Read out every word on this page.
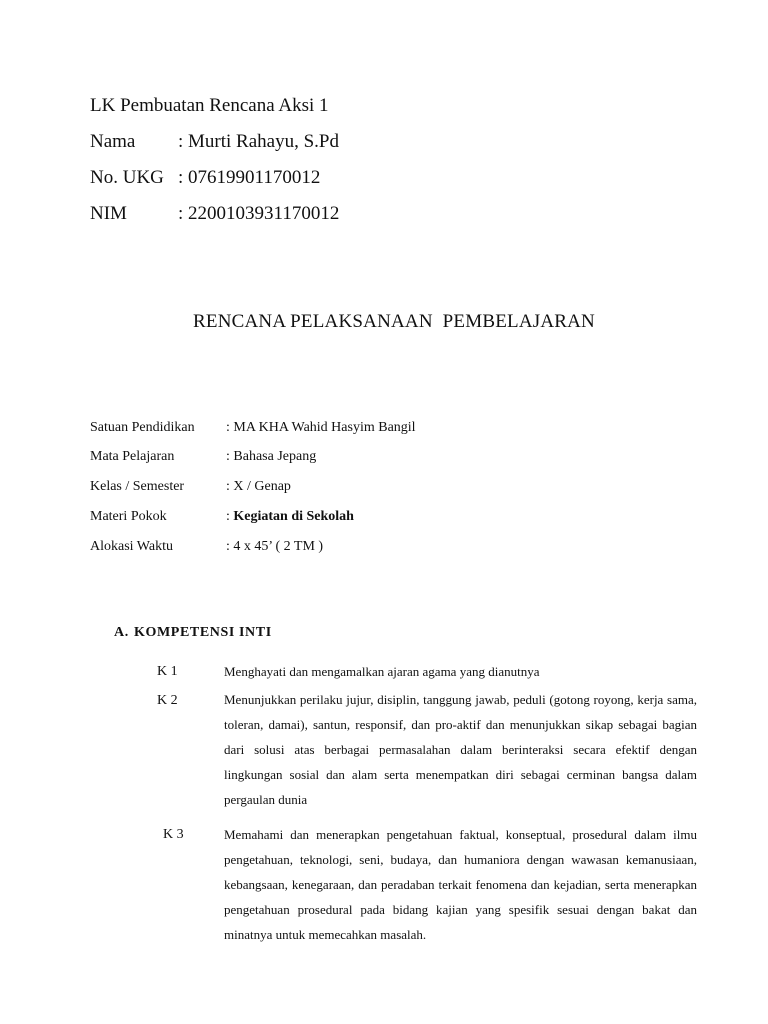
LK Pembuatan Rencana Aksi 1
Nama : Murti Rahayu, S.Pd
No. UKG : 07619901170012
NIM	: 2200103931170012
RENCANA PELAKSANAAN  PEMBELAJARAN
Satuan Pendidikan : MA KHA Wahid Hasyim Bangil
Mata Pelajaran	: Bahasa Jepang
Kelas / Semester	: X / Genap
Materi Pokok	: Kegiatan di Sekolah
Alokasi Waktu	: 4 x 45’ ( 2 TM )
A. KOMPETENSI INTI
K 1	Menghayati dan mengamalkan ajaran agama yang dianutnya
K 2	Menunjukkan perilaku jujur, disiplin, tanggung jawab, peduli (gotong royong, kerja sama, toleran, damai), santun, responsif, dan pro-aktif dan menunjukkan sikap sebagai bagian dari solusi atas berbagai permasalahan dalam berinteraksi secara efektif dengan lingkungan sosial dan alam serta menempatkan diri sebagai cerminan bangsa dalam pergaulan dunia
K 3	Memahami dan menerapkan pengetahuan faktual, konseptual, prosedural dalam ilmu pengetahuan, teknologi, seni, budaya, dan humaniora dengan wawasan kemanusiaan, kebangsaan, kenegaraan, dan peradaban terkait fenomena dan kejadian, serta menerapkan pengetahuan prosedural pada bidang kajian yang spesifik sesuai dengan bakat dan minatnya untuk memecahkan masalah.
